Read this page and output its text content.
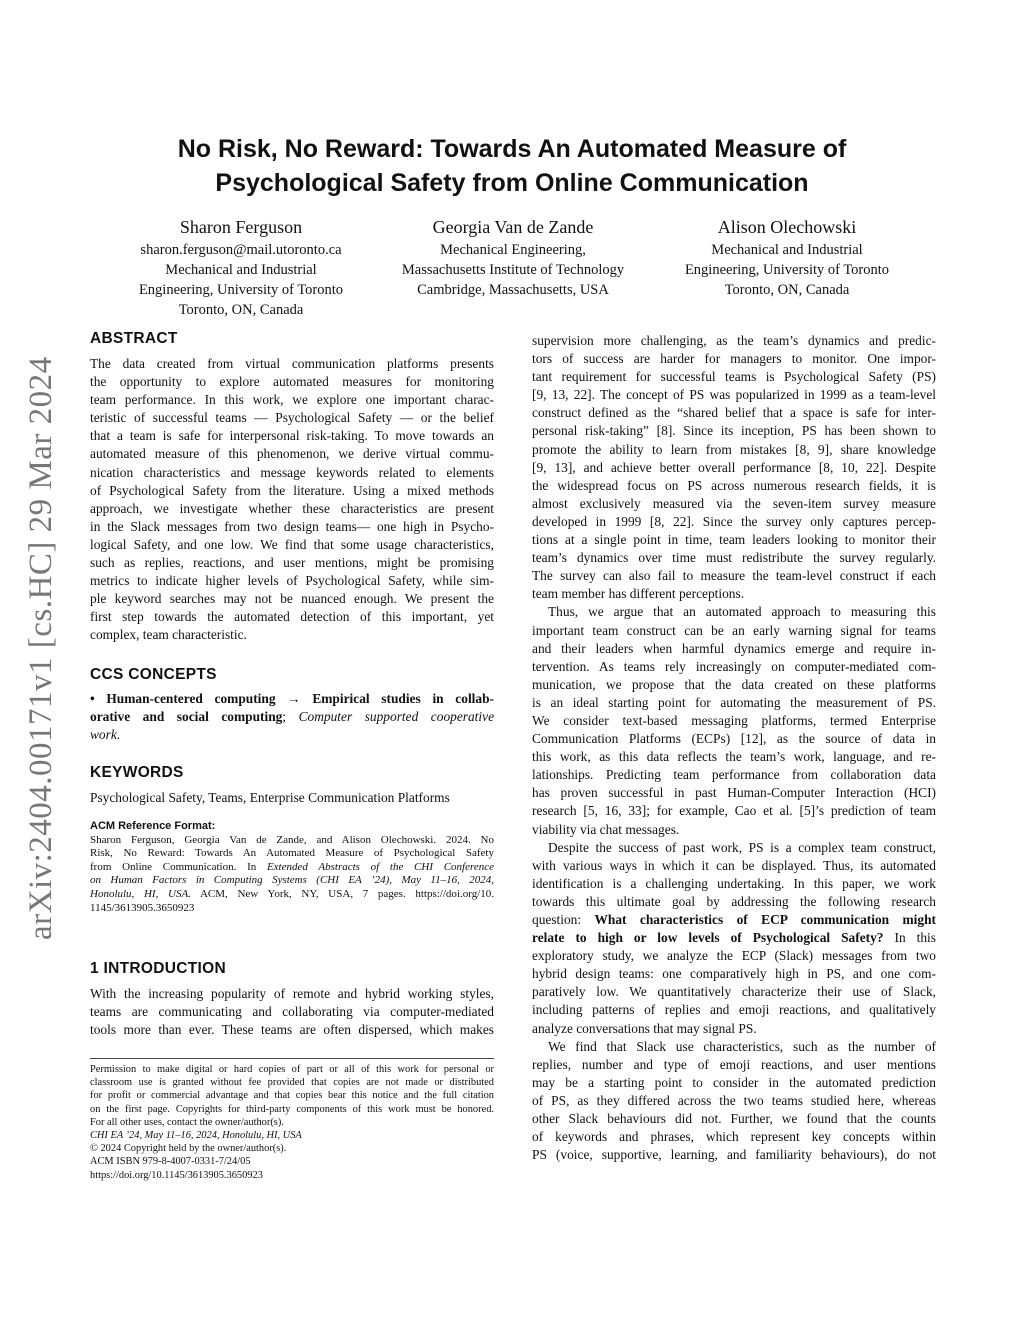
arXiv:2404.00171v1 [cs.HC] 29 Mar 2024
No Risk, No Reward: Towards An Automated Measure of
Psychological Safety from Online Communication
Sharon Ferguson
sharon.ferguson@mail.utoronto.ca
Mechanical and Industrial
Engineering, University of Toronto
Toronto, ON, Canada
Georgia Van de Zande
Mechanical Engineering,
Massachusetts Institute of Technology
Cambridge, Massachusetts, USA
Alison Olechowski
Mechanical and Industrial
Engineering, University of Toronto
Toronto, ON, Canada
ABSTRACT
The data created from virtual communication platforms presents
the opportunity to explore automated measures for monitoring
team performance. In this work, we explore one important charac-
teristic of successful teams — Psychological Safety — or the belief
that a team is safe for interpersonal risk-taking. To move towards an
automated measure of this phenomenon, we derive virtual commu-
nication characteristics and message keywords related to elements
of Psychological Safety from the literature. Using a mixed methods
approach, we investigate whether these characteristics are present
in the Slack messages from two design teams— one high in Psycho-
logical Safety, and one low. We find that some usage characteristics,
such as replies, reactions, and user mentions, might be promising
metrics to indicate higher levels of Psychological Safety, while sim-
ple keyword searches may not be nuanced enough. We present the
first step towards the automated detection of this important, yet
complex, team characteristic.
CCS CONCEPTS
• Human-centered computing → Empirical studies in collab-
orative and social computing; Computer supported cooperative
work.
KEYWORDS
Psychological Safety, Teams, Enterprise Communication Platforms
ACM Reference Format:
Sharon Ferguson, Georgia Van de Zande, and Alison Olechowski. 2024. No
Risk, No Reward: Towards An Automated Measure of Psychological Safety
from Online Communication. In Extended Abstracts of the CHI Conference
on Human Factors in Computing Systems (CHI EA ’24), May 11–16, 2024,
Honolulu, HI, USA. ACM, New York, NY, USA, 7 pages. https://doi.org/10.
1145/3613905.3650923
1 INTRODUCTION
With the increasing popularity of remote and hybrid working styles,
teams are communicating and collaborating via computer-mediated
tools more than ever. These teams are often dispersed, which makes
Permission to make digital or hard copies of part or all of this work for personal or
classroom use is granted without fee provided that copies are not made or distributed
for profit or commercial advantage and that copies bear this notice and the full citation
on the first page. Copyrights for third-party components of this work must be honored.
For all other uses, contact the owner/author(s).
CHI EA ’24, May 11–16, 2024, Honolulu, HI, USA
© 2024 Copyright held by the owner/author(s).
ACM ISBN 979-8-4007-0331-7/24/05
https://doi.org/10.1145/3613905.3650923
supervision more challenging, as the team’s dynamics and predic-
tors of success are harder for managers to monitor. One impor-
tant requirement for successful teams is Psychological Safety (PS)
[9, 13, 22]. The concept of PS was popularized in 1999 as a team-level
construct defined as the “shared belief that a space is safe for inter-
personal risk-taking” [8]. Since its inception, PS has been shown to
promote the ability to learn from mistakes [8, 9], share knowledge
[9, 13], and achieve better overall performance [8, 10, 22]. Despite
the widespread focus on PS across numerous research fields, it is
almost exclusively measured via the seven-item survey measure
developed in 1999 [8, 22]. Since the survey only captures percep-
tions at a single point in time, team leaders looking to monitor their
team’s dynamics over time must redistribute the survey regularly.
The survey can also fail to measure the team-level construct if each
team member has different perceptions.
Thus, we argue that an automated approach to measuring this
important team construct can be an early warning signal for teams
and their leaders when harmful dynamics emerge and require in-
tervention. As teams rely increasingly on computer-mediated com-
munication, we propose that the data created on these platforms
is an ideal starting point for automating the measurement of PS.
We consider text-based messaging platforms, termed Enterprise
Communication Platforms (ECPs) [12], as the source of data in
this work, as this data reflects the team’s work, language, and re-
lationships. Predicting team performance from collaboration data
has proven successful in past Human-Computer Interaction (HCI)
research [5, 16, 33]; for example, Cao et al. [5]’s prediction of team
viability via chat messages.
Despite the success of past work, PS is a complex team construct,
with various ways in which it can be displayed. Thus, its automated
identification is a challenging undertaking. In this paper, we work
towards this ultimate goal by addressing the following research
question: What characteristics of ECP communication might
relate to high or low levels of Psychological Safety? In this
exploratory study, we analyze the ECP (Slack) messages from two
hybrid design teams: one comparatively high in PS, and one com-
paratively low. We quantitatively characterize their use of Slack,
including patterns of replies and emoji reactions, and qualitatively
analyze conversations that may signal PS.
We find that Slack use characteristics, such as the number of
replies, number and type of emoji reactions, and user mentions
may be a starting point to consider in the automated prediction
of PS, as they differed across the two teams studied here, whereas
other Slack behaviours did not. Further, we found that the counts
of keywords and phrases, which represent key concepts within
PS (voice, supportive, learning, and familiarity behaviours), do not
